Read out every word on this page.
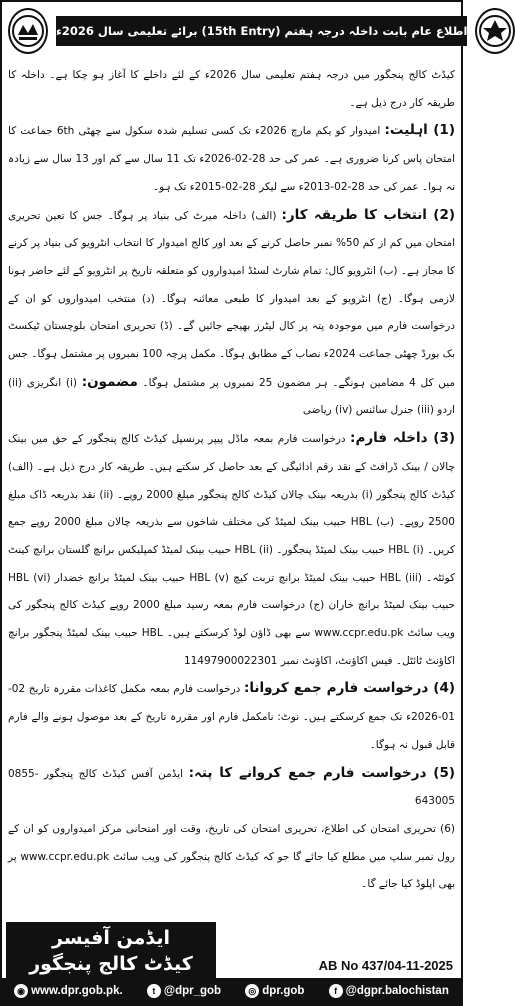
اطلاع عام بابت داخلہ درجہ ہفتم (15th Entry) برائے تعلیمی سال 2026ء

کیڈٹ کالج پنجگور میں درجہ ہفتم تعلیمی سال 2026ء کے لئے داخلے کا آغاز ہو چکا ہے۔ داخلہ کا طریقہ کار درج ذیل ہے۔

(1) اہلیت: امیدوار کو یکم مارچ 2026ء تک کسی تسلیم شدہ سکول سے چھٹی 6th جماعت کا امتحان پاس کرنا ضروری ہے۔ عمر کی حد 28-02-2026ء تک 11 سال سے کم اور 13 سال سے زیادہ نہ ہوا۔ عمر کی حد 28-02-2013ء سے لیکر 28-02-2015ء تک ہو۔

(2) انتخاب کا طریقہ کار: (الف) داخلہ میرٹ کی بنیاد پر ہوگا۔ جس کا تعین تحریری امتحان میں کم از کم 50% نمبر حاصل کرنے کے بعد اور کالج امیدوار کا انتخاب انٹرویو کی بنیاد پر کرنے کا مجاز ہے۔ (ب) انٹرویو کال: تمام شارٹ لسٹڈ امیدواروں کو متعلقہ تاریخ پر انٹرویو کے لئے حاضر ہونا لازمی ہوگا۔ (ج) انٹرویو کے بعد امیدوار کا طبعی معائنہ ہوگا۔ (د) منتخب امیدواروں کو ان کے درخواست فارم میں موجودہ پتہ پر کال لیٹرز بھیجے جائیں گے۔ (ڈ) تحریری امتحان بلوچستان ٹیکسٹ بک بورڈ چھٹی جماعت 2024ء نصاب کے مطابق ہوگا۔ مکمل پرچہ 100 نمبروں پر مشتمل ہوگا۔ جس میں کل 4 مضامین ہونگے۔ ہر مضمون 25 نمبروں پر مشتمل ہوگا۔ مضمون: (i) انگریزی (ii) اردو (iii) جنرل سائنس (iv) ریاضی

(3) داخلہ فارم: درخواست فارم بمعہ ماڈل پیپر پرنسپل کیڈٹ کالج پنجگور کے حق میں بینک چالان / بینک ڈرافٹ کے نقد رقم ادائیگی کے بعد حاصل کر سکتے ہیں۔ طریقہ کار درج ذیل ہے۔ (الف) کیڈٹ کالج پنجگور (i) بذریعہ بینک چالان کیڈٹ کالج پنجگور مبلغ 2000 روپے۔ (ii) نقد بذریعہ ڈاک مبلغ 2500 روپے۔ (ب) HBL حبیب بینک لمیٹڈ کی مختلف شاخوں سے بذریعہ چالان مبلغ 2000 روپے جمع کریں۔ (i) HBL حبیب بینک لمیٹڈ پنجگور۔ (ii) HBL حبیب بینک لمیٹڈ کمپلیکس برانچ گلستان برانچ کینٹ کوئٹہ۔ (iii) HBL حبیب بینک لمیٹڈ برانچ تربت کیچ (v) HBL حبیب بینک لمیٹڈ برانچ خضدار (vi) HBL حبیب بینک لمیٹڈ برانچ خاران (ج) درخواست فارم بمعہ رسید مبلغ 2000 روپے کیڈٹ کالج پنجگور کی ویب سائٹ www.ccpr.edu.pk سے بھی ڈاؤن لوڈ کرسکتے ہیں۔ HBL حبیب بینک لمیٹڈ پنجگور برانچ اکاؤنٹ ٹائٹل۔ فیس اکاؤنٹ، اکاؤنٹ نمبر 11497900022301

(4) درخواست فارم جمع کروانا: درخواست فارم بمعہ مکمل کاغذات مقررہ تاریخ 02-01-2026ء تک جمع کرسکتے ہیں۔ نوٹ: نامکمل فارم اور مقررہ تاریخ کے بعد موصول ہونے والے فارم قابل قبول نہ ہوگا۔

(5) درخواست فارم جمع کروانے کا پتہ: ایڈمن آفس کیڈٹ کالج پنجگور 0855-643005

(6) تحریری امتحان کی اطلاع، تحریری امتحان کی تاریخ، وقت اور امتحانی مرکز امیدواروں کو ان کے رول نمبر سلپ میں مطلع کیا جائے گا جو کہ کیڈٹ کالج پنجگور کی ویب سائٹ www.ccpr.edu.pk پر بھی اپلوڈ کیا جائے گا۔

ایڈمن آفیسر
کیڈٹ کالج پنجگور	AB No 437/04-11-2025
◉ www.dpr.gob.pk.	t @dpr_gob	◎ dpr.gob	f @dgpr.balochistan
